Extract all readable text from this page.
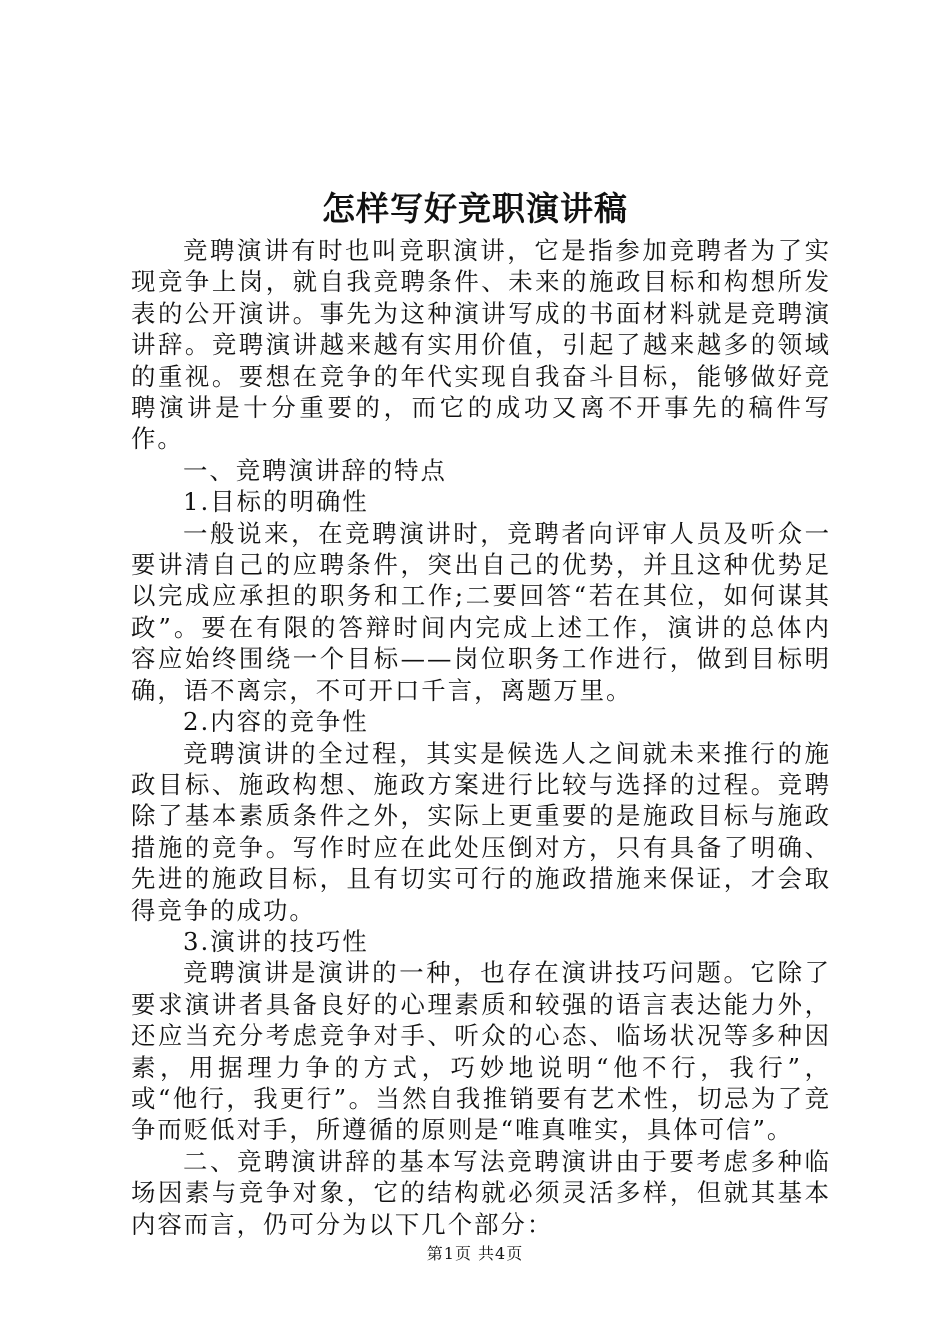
怎样写好竞职演讲稿

竞聘演讲有时也叫竞职演讲，它是指参加竞聘者为了实现竞争上岗，就自我竞聘条件、未来的施政目标和构想所发表的公开演讲。事先为这种演讲写成的书面材料就是竞聘演讲辞。竞聘演讲越来越有实用价值，引起了越来越多的领域的重视。要想在竞争的年代实现自我奋斗目标，能够做好竞聘演讲是十分重要的，而它的成功又离不开事先的稿件写作。

一、竞聘演讲辞的特点

1.目标的明确性

一般说来，在竞聘演讲时，竞聘者向评审人员及听众一要讲清自己的应聘条件，突出自己的优势，并且这种优势足以完成应承担的职务和工作;二要回答“若在其位，如何谋其政”。要在有限的答辩时间内完成上述工作，演讲的总体内容应始终围绕一个目标——岗位职务工作进行，做到目标明确，语不离宗，不可开口千言，离题万里。

2.内容的竞争性

竞聘演讲的全过程，其实是候选人之间就未来推行的施政目标、施政构想、施政方案进行比较与选择的过程。竞聘除了基本素质条件之外，实际上更重要的是施政目标与施政措施的竞争。写作时应在此处压倒对方，只有具备了明确、先进的施政目标，且有切实可行的施政措施来保证，才会取得竞争的成功。

3.演讲的技巧性

竞聘演讲是演讲的一种，也存在演讲技巧问题。它除了要求演讲者具备良好的心理素质和较强的语言表达能力外，还应当充分考虑竞争对手、听众的心态、临场状况等多种因素，用据理力争的方式，巧妙地说明“他不行，我行”，或“他行，我更行”。当然自我推销要有艺术性，切忌为了竞争而贬低对手，所遵循的原则是“唯真唯实，具体可信”。

二、竞聘演讲辞的基本写法竞聘演讲由于要考虑多种临场因素与竞争对象，它的结构就必须灵活多样，但就其基本内容而言，仍可分为以下几个部分：

第1页 共4页
